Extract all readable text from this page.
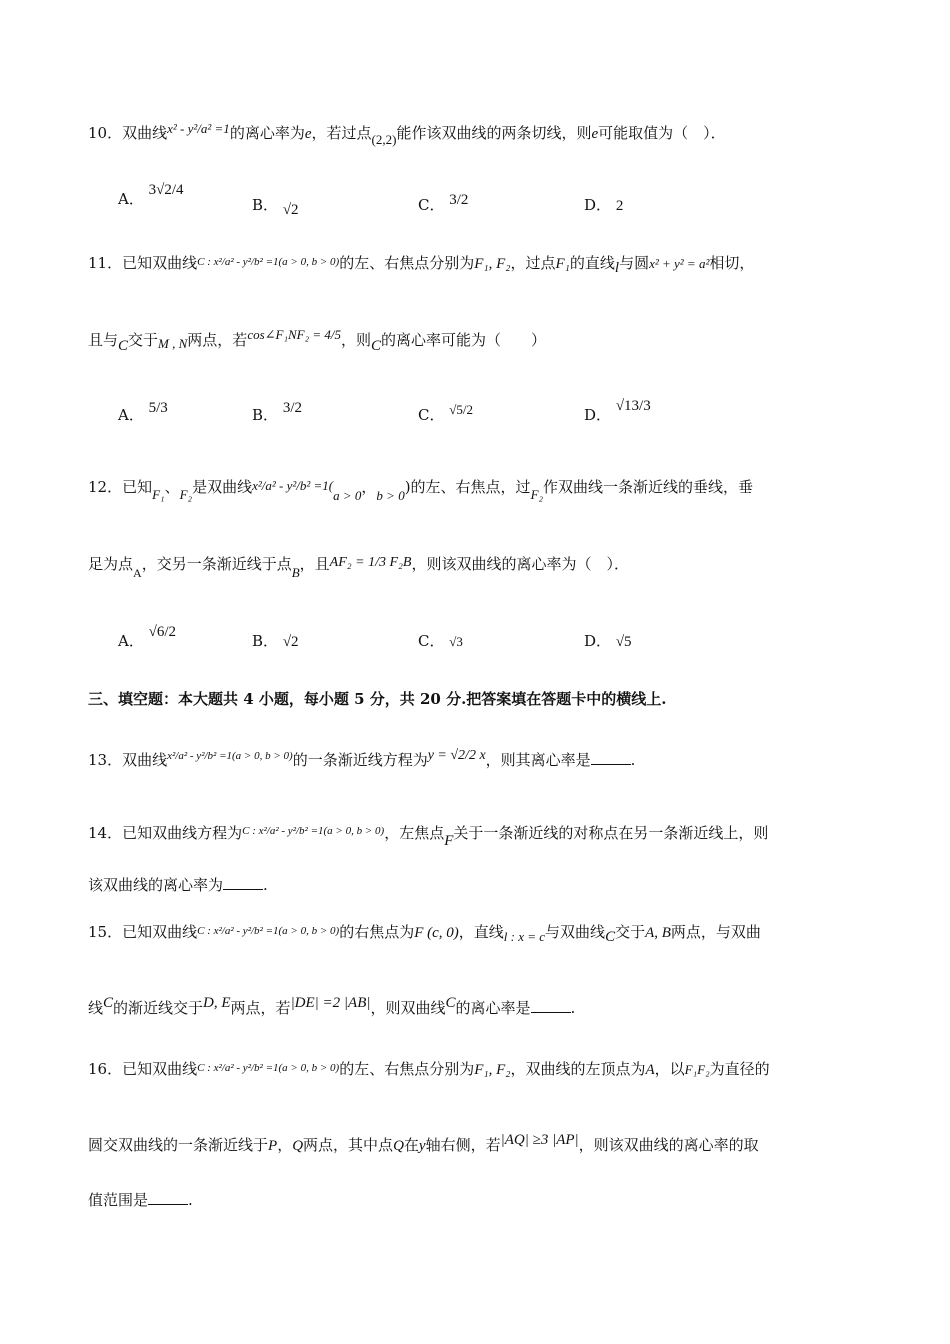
10．双曲线x² - y²/a² =1的离心率为e，若过点(2,2)能作该双曲线的两条切线，则e可能取值为（　）．
A． 3√2/4
B． √2	C． 3/2	D． 2
11．已知双曲线$^{C : x^2/a^2 - y^2/b^2 =1(a > 0, b > 0)}$的左、右焦点分别为F₁, F₂，过点F₁的直线l与圆x² + y² = a²相切，
且与C交于M , N两点，若cos∠F₁NF₂ = 4/5，则C的离心率可能为（　　）
A． 5/3	B． 3/2	C． √5/2	D． √13/3
12．已知F₁、F₂是双曲线x²/a² - y²/b² =1(a > 0，b > 0)的左、右焦点，过F₂作双曲线一条渐近线的垂线，垂
足为点$_A$，交另一条渐近线于点B，且AF₂ = 1/3 F₂B，则该双曲线的离心率为（　）．
A． √6/2	B． √2	C． √3	D． √5
三、填空题：本大题共 4 小题，每小题 5 分，共 20 分.把答案填在答题卡中的横线上.
13．双曲线$^{x^2/a^2 - y^2/b^2 =1(a > 0, b > 0)}$的一条渐近线方程为y = √2/2 x，则其离心率是	.
14．已知双曲线方程为$^{C : x^2/a^2 - y^2/b^2 =1(a > 0, b > 0)}$，左焦点F关于一条渐近线的对称点在另一条渐近线上，则
该双曲线的离心率为	.
15．已知双曲线$^{C : x^2/a^2 - y^2/b^2 =1(a > 0, b > 0)}$的右焦点为F (c, 0)，直线l : x = c与双曲线C交于A, B两点，与双曲
线C的渐近线交于D, E两点，若|DE| =2 |AB|，则双曲线C的离心率是	.
16．已知双曲线$^{C : x^2/a^2 - y^2/b^2 =1(a > 0, b > 0)}$的左、右焦点分别为F₁, F₂，双曲线的左顶点为A，以F₁F₂为直径的
圆交双曲线的一条渐近线于P，Q两点，其中点Q在y轴右侧，若|AQ| ≥3 |AP|，则该双曲线的离心率的取
值范围是	.
